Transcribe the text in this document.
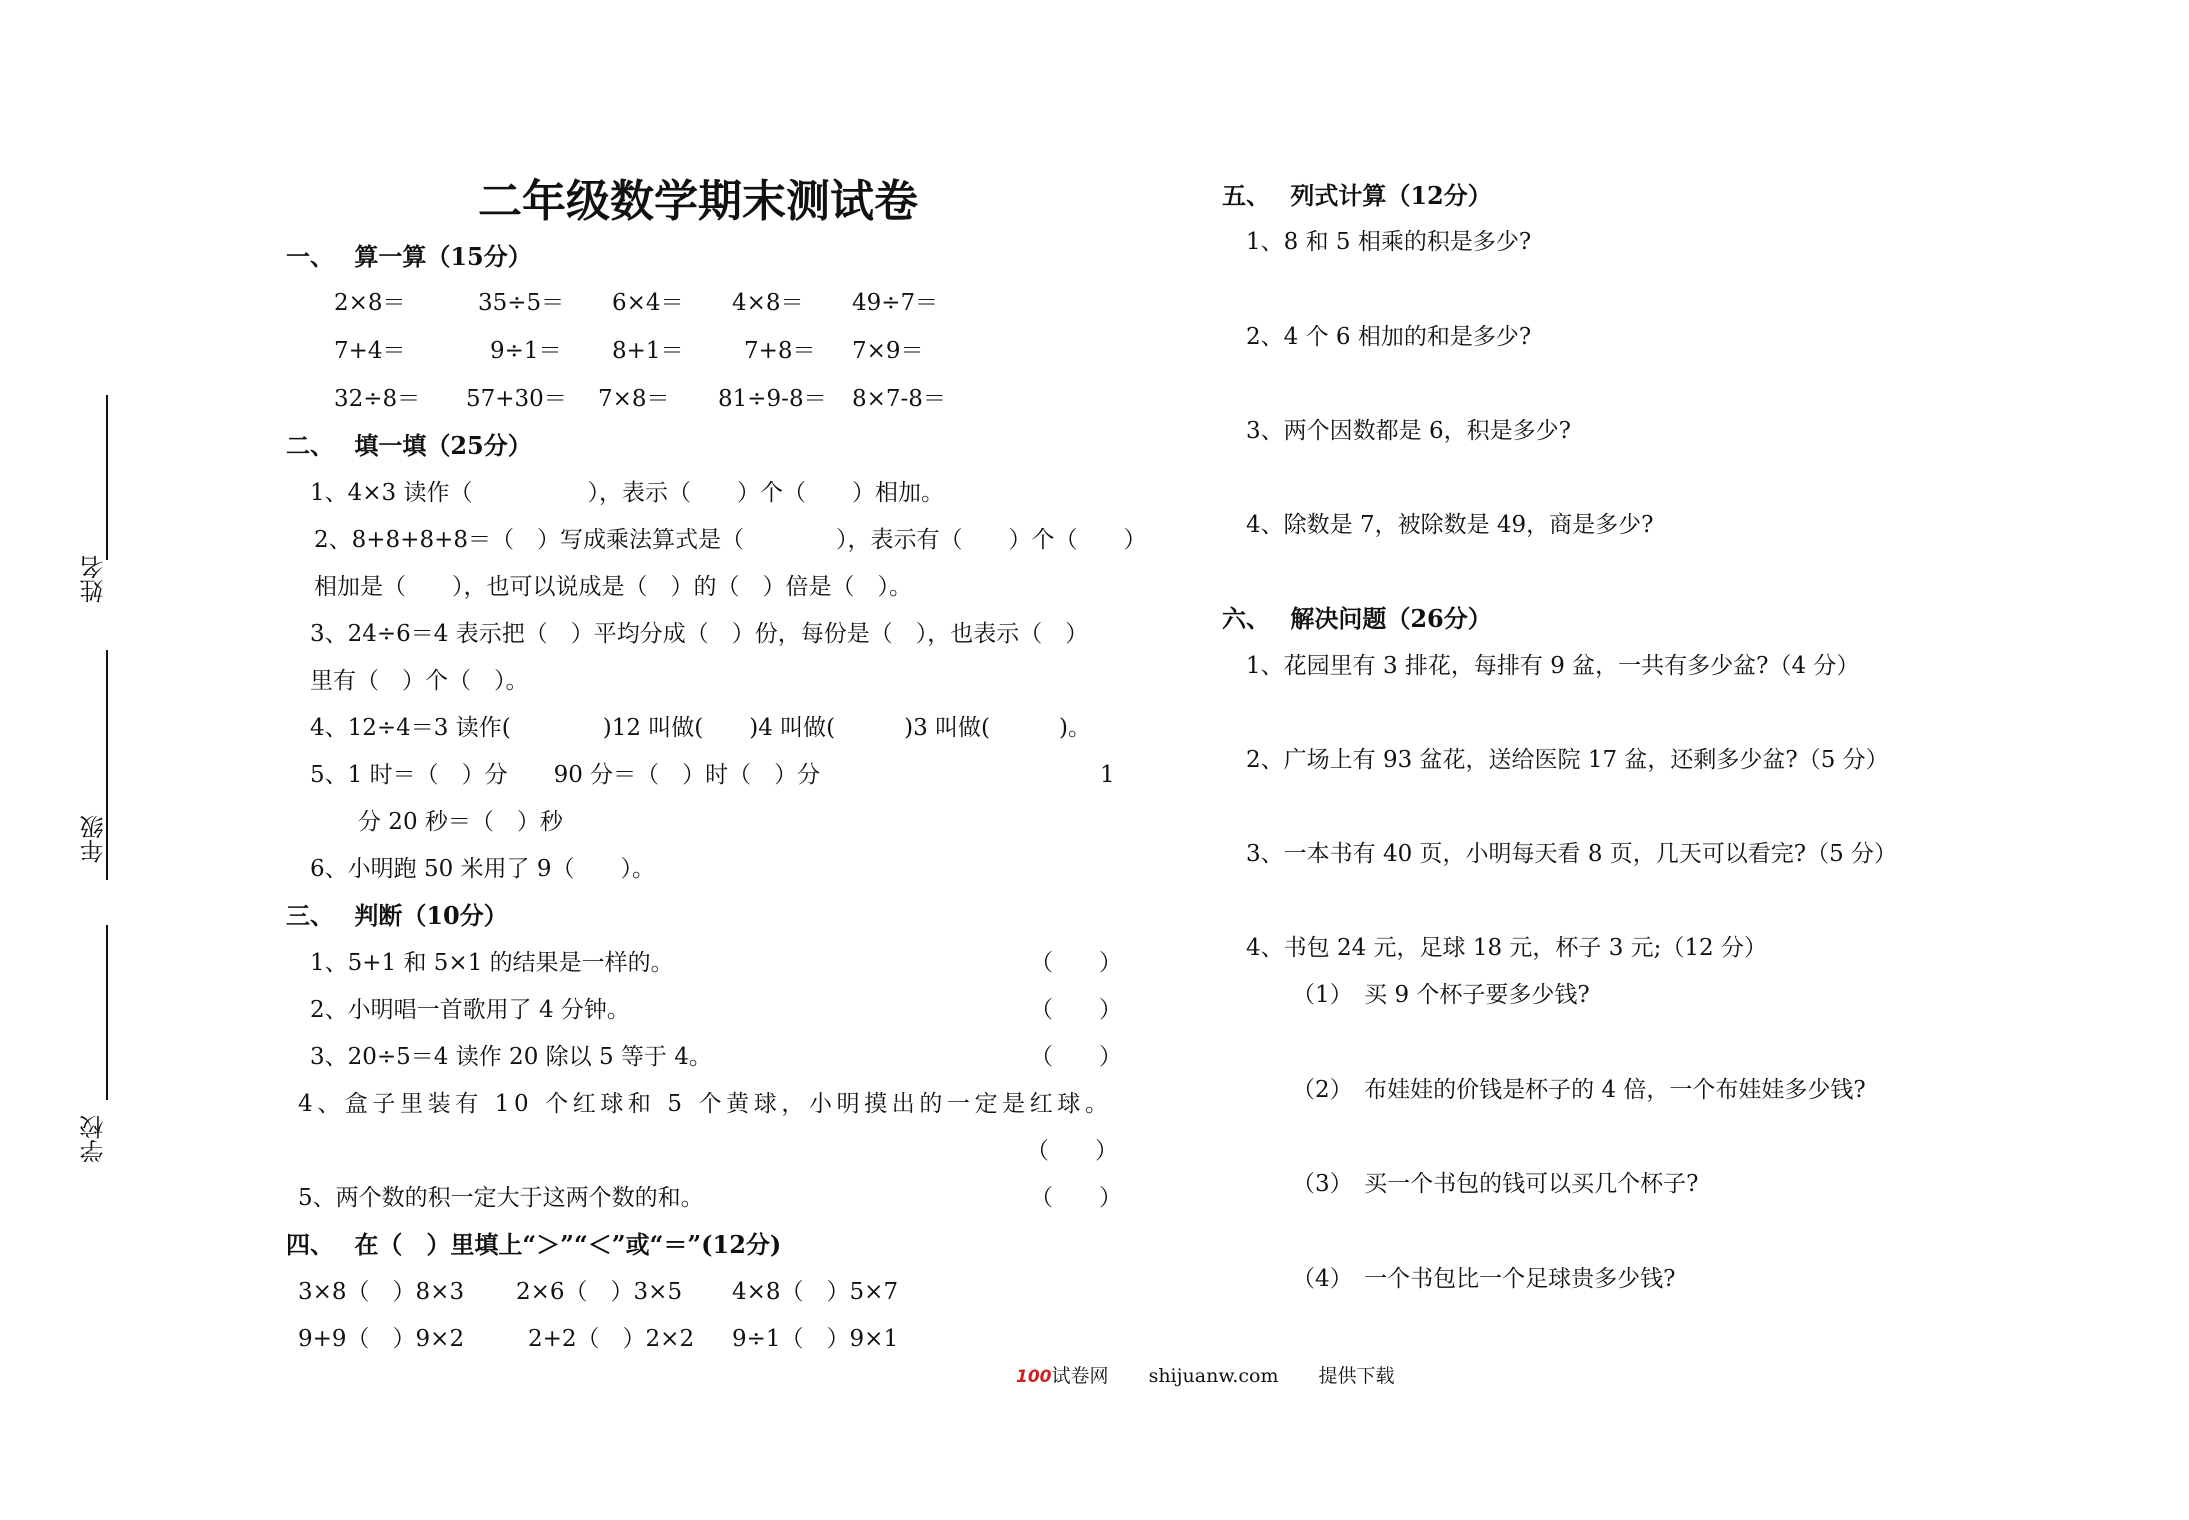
姓名
年级
学校
二年级数学期末测试卷
一、　 算一算（15分）
2×8＝	35÷5＝ 6×4＝ 4×8＝ 49÷7＝
7+4＝	9÷1＝ 8+1＝	7+8＝ 7×9＝
32÷8＝ 57+30＝ 7×8＝ 81÷9-8＝ 8×7-8＝
二、　 填一填（25分）
1、4×3 读作（　　　　　），表示（　　）个（　　）相加。
2、8+8+8+8＝（　）写成乘法算式是（　　　　），表示有（　　）个（　　）
相加是（　　），也可以说成是（　）的（　）倍是（　）。
3、24÷6＝4 表示把（　）平均分成（　）份，每份是（　），也表示（　）
里有（　）个（　）。
4、12÷4＝3 读作(　　　　)12 叫做(　　)4 叫做(　　　)3 叫做(　　　)。
5、1 时＝（　）分　　90 分＝（　）时（　）分	1
分 20 秒＝（　）秒
6、小明跑 50 米用了 9（　　）。
三、　 判断（10分）
1、5+1 和 5×1 的结果是一样的。	（　　）
2、小明唱一首歌用了 4 分钟。	（　　）
3、20÷5＝4 读作 20 除以 5 等于 4。	（　　）
4、盒子里装有 10 个红球和 5 个黄球，小明摸出的一定是红球。
（　　）
5、两个数的积一定大于这两个数的和。	（　　）
四、　 在（　）里填上“＞”“＜”或“＝”(12分)
3×8（　）8×3 2×6（　）3×5 4×8（　）5×7
9+9（　）9×2	2+2（　）2×2 9÷1（　）9×1
五、　 列式计算（12分）
1、8 和 5 相乘的积是多少?
2、4 个 6 相加的和是多少?
3、两个因数都是 6，积是多少?
4、除数是 7，被除数是 49，商是多少?
六、　 解决问题（26分）
1、花园里有 3 排花，每排有 9 盆，一共有多少盆?（4 分）
2、广场上有 93 盆花，送给医院 17 盆，还剩多少盆?（5 分）
3、一本书有 40 页，小明每天看 8 页，几天可以看完?（5 分）
4、书包 24 元，足球 18 元，杯子 3 元;（12 分）
（1）　买 9 个杯子要多少钱?
（2）　布娃娃的价钱是杯子的 4 倍，一个布娃娃多少钱?
（3）　买一个书包的钱可以买几个杯子?
（4）　一个书包比一个足球贵多少钱?
100试卷网 shijuanw.com 提供下载
